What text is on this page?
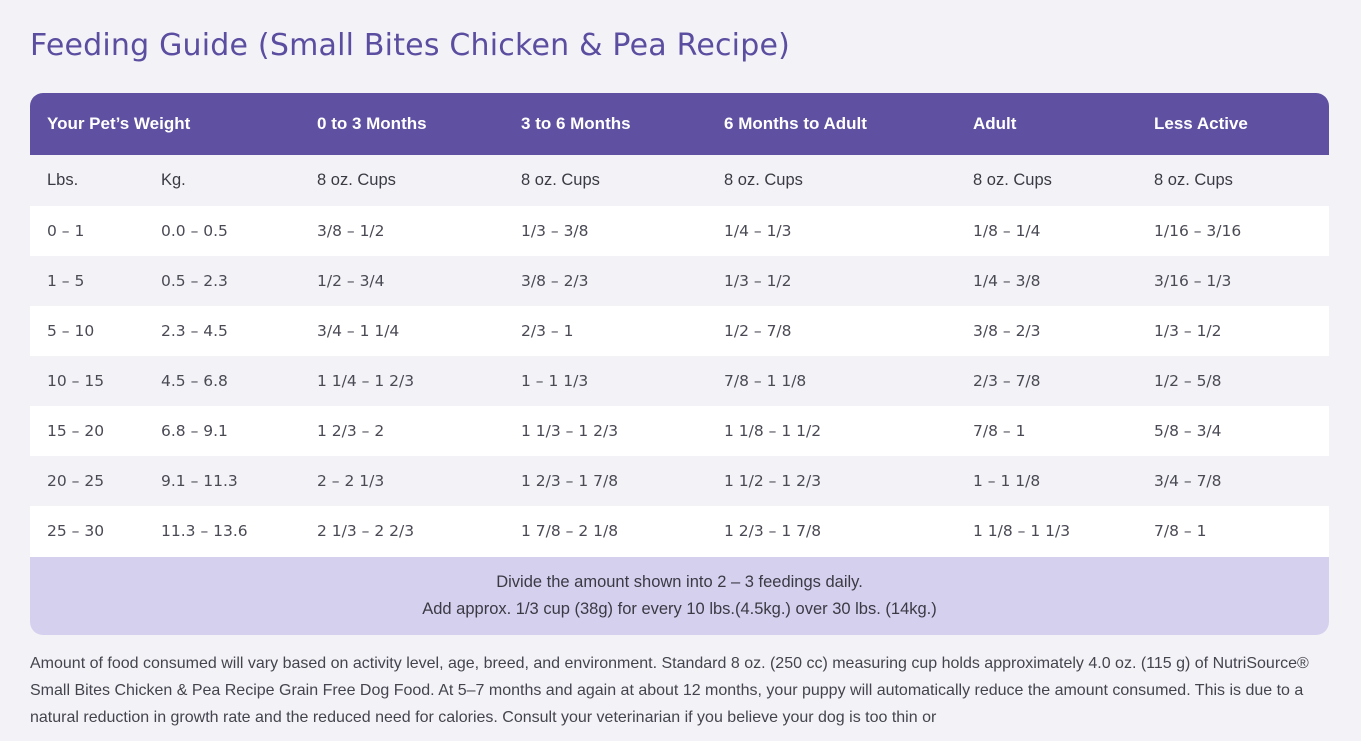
Feeding Guide (Small Bites Chicken & Pea Recipe)
Your Pet’s Weight		0 to 3 Months	3 to 6 Months	6 Months to Adult	Adult	Less Active
Lbs.	Kg.	8 oz. Cups	8 oz. Cups	8 oz. Cups	8 oz. Cups	8 oz. Cups
0 – 1	0.0 – 0.5	3/8 – 1/2	1/3 – 3/8	1/4 – 1/3	1/8 – 1/4	1/16 – 3/16
1 – 5	0.5 – 2.3	1/2 – 3/4	3/8 – 2/3	1/3 – 1/2	1/4 – 3/8	3/16 – 1/3
5 – 10	2.3 – 4.5	3/4 – 1 1/4	2/3 – 1	1/2 – 7/8	3/8 – 2/3	1/3 – 1/2
10 – 15	4.5 – 6.8	1 1/4 – 1 2/3	1 – 1 1/3	7/8 – 1 1/8	2/3 – 7/8	1/2 – 5/8
15 – 20	6.8 – 9.1	1 2/3 – 2	1 1/3 – 1 2/3	1 1/8 – 1 1/2	7/8 – 1	5/8 – 3/4
20 – 25	9.1 – 11.3	2 – 2 1/3	1 2/3 – 1 7/8	1 1/2 – 1 2/3	1 – 1 1/8	3/4 – 7/8
25 – 30	11.3 – 13.6	2 1/3 – 2 2/3	1 7/8 – 2 1/8	1 2/3 – 1 7/8	1 1/8 – 1 1/3	7/8 – 1
Divide the amount shown into 2 – 3 feedings daily.
Add approx. 1/3 cup (38g) for every 10 lbs.(4.5kg.) over 30 lbs. (14kg.)

Amount of food consumed will vary based on activity level, age, breed, and environment. Standard 8 oz. (250 cc) measuring cup holds approximately 4.0 oz. (115 g) of NutriSource® Small Bites Chicken & Pea Recipe Grain Free Dog Food. At 5–7 months and again at about 12 months, your puppy will automatically reduce the amount consumed. This is due to a natural reduction in growth rate and the reduced need for calories. Consult your veterinarian if you believe your dog is too thin or
